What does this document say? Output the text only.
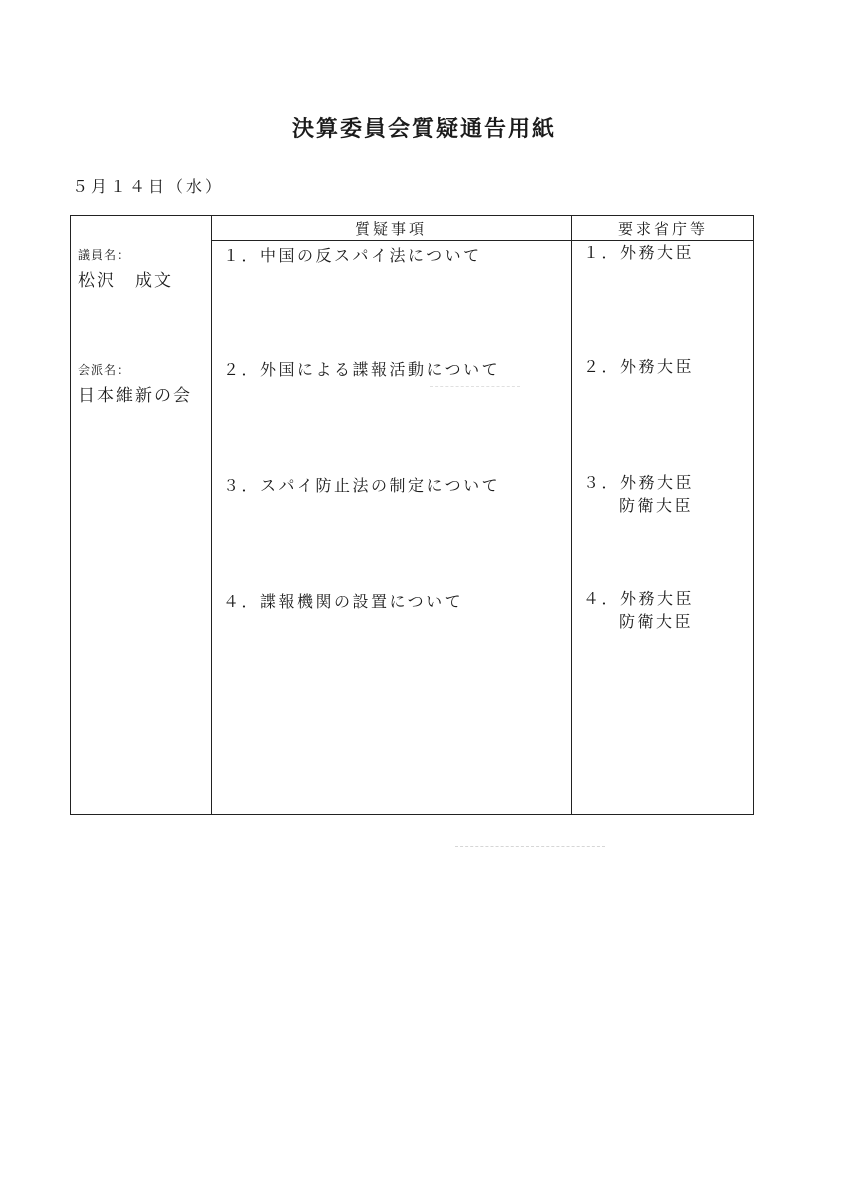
決算委員会質疑通告用紙
５月１４日（水）
質疑事項	要求省庁等
議員名：
松沢　成文
会派名：
日本維新の会
１．中国の反スパイ法について	１．外務大臣
２．外国による諜報活動について	２．外務大臣
３．スパイ防止法の制定について	３．外務大臣
防衛大臣
４．諜報機関の設置について	４．外務大臣
防衛大臣
